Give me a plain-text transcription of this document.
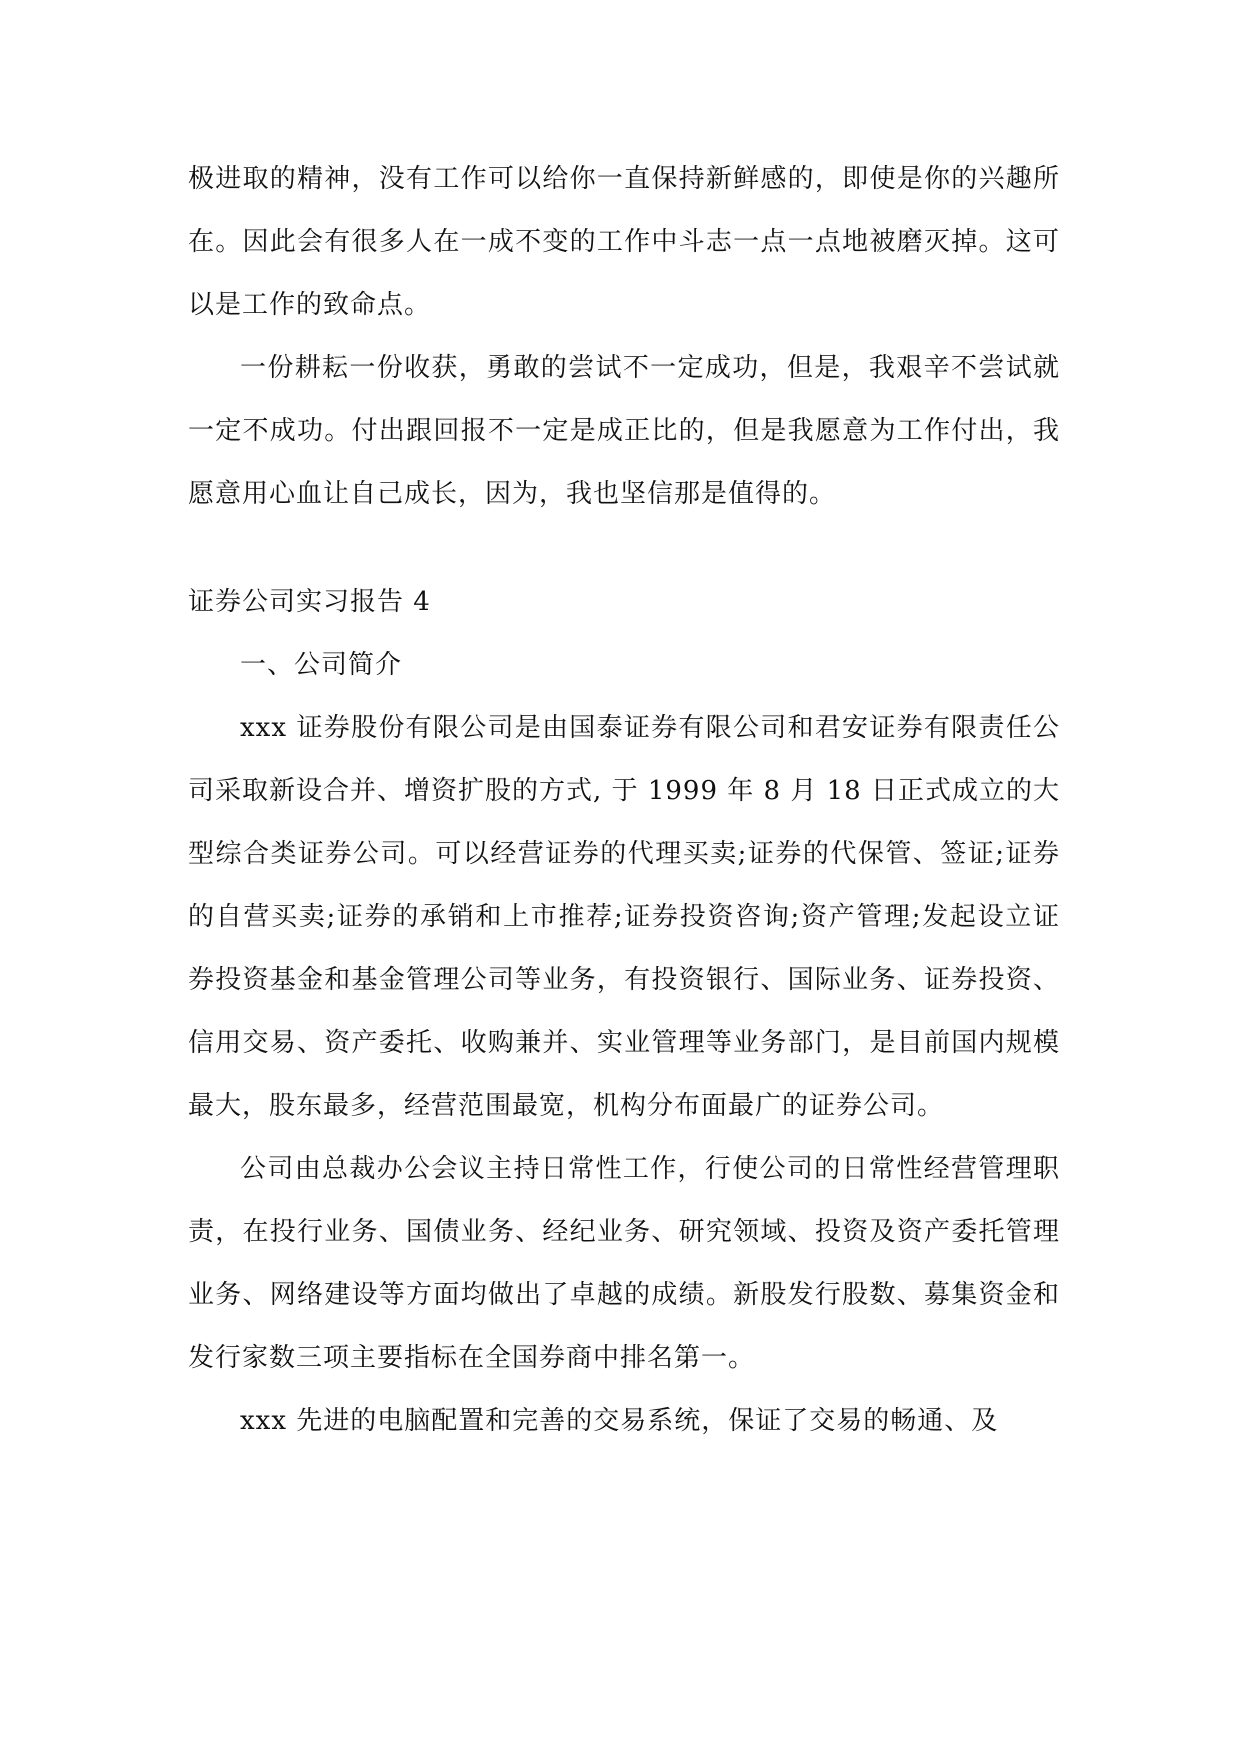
极进取的精神，没有工作可以给你一直保持新鲜感的，即使是你的兴趣所在。因此会有很多人在一成不变的工作中斗志一点一点地被磨灭掉。这可以是工作的致命点。

一份耕耘一份收获，勇敢的尝试不一定成功，但是，我艰辛不尝试就一定不成功。付出跟回报不一定是成正比的，但是我愿意为工作付出，我愿意用心血让自己成长，因为，我也坚信那是值得的。

证券公司实习报告 4

一、公司简介

xxx 证券股份有限公司是由国泰证券有限公司和君安证券有限责任公司采取新设合并、增资扩股的方式, 于 1999 年 8 月 18 日正式成立的大型综合类证券公司。可以经营证券的代理买卖;证券的代保管、签证;证券的自营买卖;证券的承销和上市推荐;证券投资咨询;资产管理;发起设立证券投资基金和基金管理公司等业务，有投资银行、国际业务、证券投资、信用交易、资产委托、收购兼并、实业管理等业务部门，是目前国内规模最大，股东最多，经营范围最宽，机构分布面最广的证券公司。

公司由总裁办公会议主持日常性工作，行使公司的日常性经营管理职责，在投行业务、国债业务、经纪业务、研究领域、投资及资产委托管理业务、网络建设等方面均做出了卓越的成绩。新股发行股数、募集资金和发行家数三项主要指标在全国券商中排名第一。

xxx 先进的电脑配置和完善的交易系统，保证了交易的畅通、及
